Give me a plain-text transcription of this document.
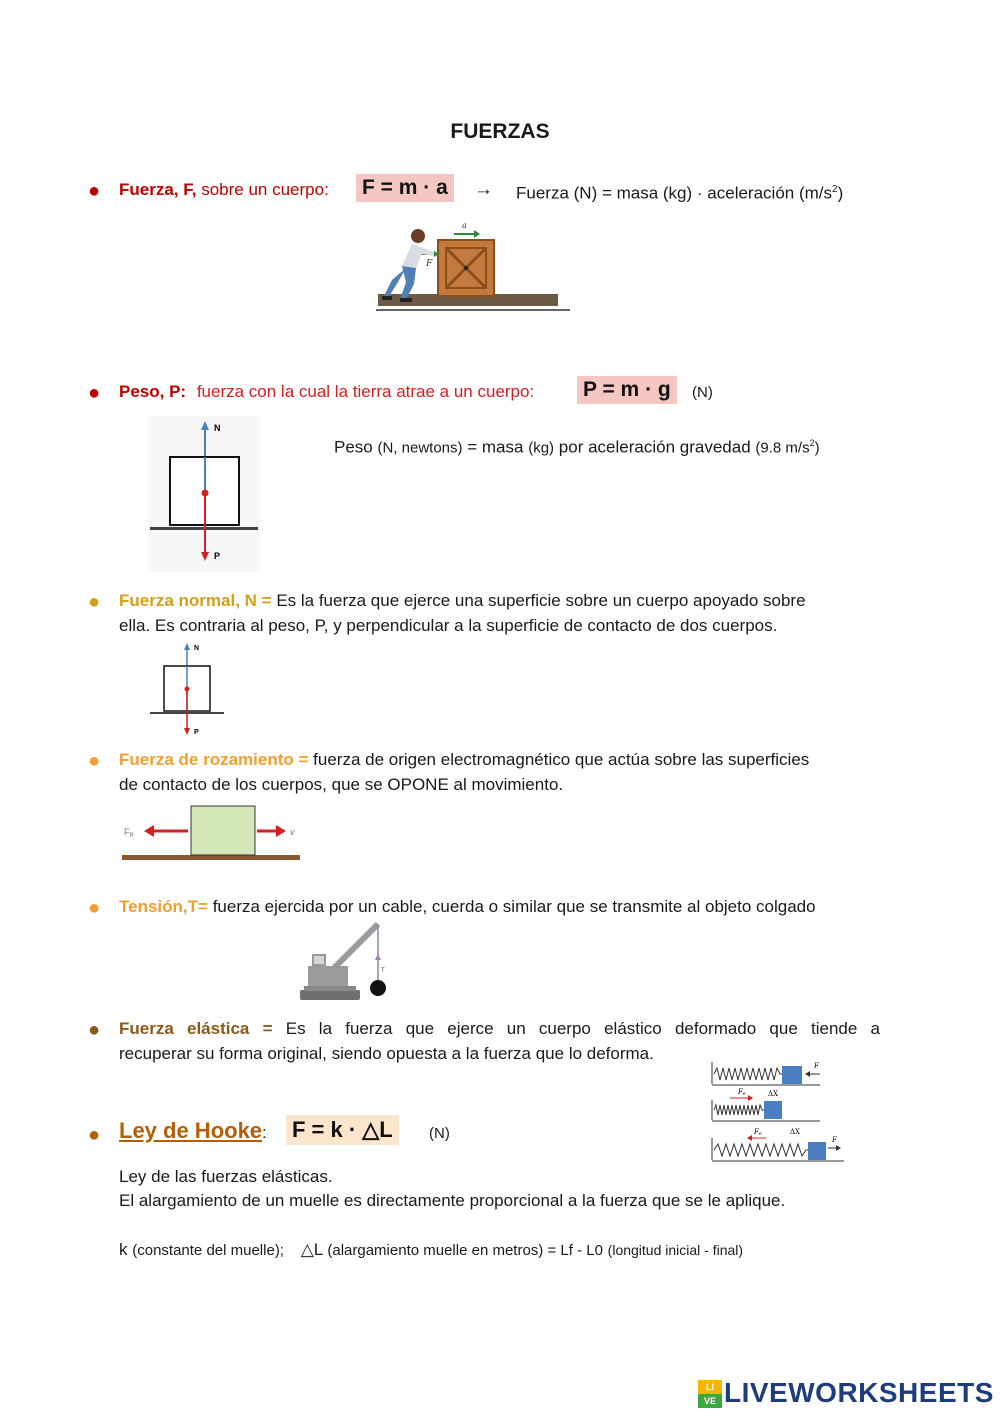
FUERZAS
● Fuerza, F, sobre un cuerpo: F = m · a	→ Fuerza (N) = masa (kg) · aceleración $(m/s^2)$
a
F
● Peso, P: fuerza con la cual la tierra atrae a un cuerpo: P = m · g	(N)
Peso (N, newtons) = masa (kg) por aceleración gravedad (9.8 $m/s^2$)
N
P
● Fuerza normal, N = Es la fuerza que ejerce una superficie sobre un cuerpo apoyado sobre
ella. Es contraria al peso, P, y perpendicular a la superficie de contacto de dos cuerpos.
N
P
● Fuerza de rozamiento = fuerza de origen electromagnético que actúa sobre las superficies
de contacto de los cuerpos, que se OPONE al movimiento.
$F_R$	v
● Tensión,T= fuerza ejercida por un cable, cuerda o similar que se transmite al objeto colgado
T
● Fuerza elástica = Es la fuerza que ejerce un cuerpo elástico deformado que tiende a
recuperar su forma original, siendo opuesta a la fuerza que lo deforma.
F
Fe	ΔX
Fe	ΔX
F
● Ley de Hooke: F = k · △L	(N)
Ley de las fuerzas elásticas.
El alargamiento de un muelle es directamente proporcional a la fuerza que se le aplique.
k (constante del muelle); △L (alargamiento muelle en metros) = Lf - L0 (longitud inicial - final)
LI
VE LIVEWORKSHEETS
